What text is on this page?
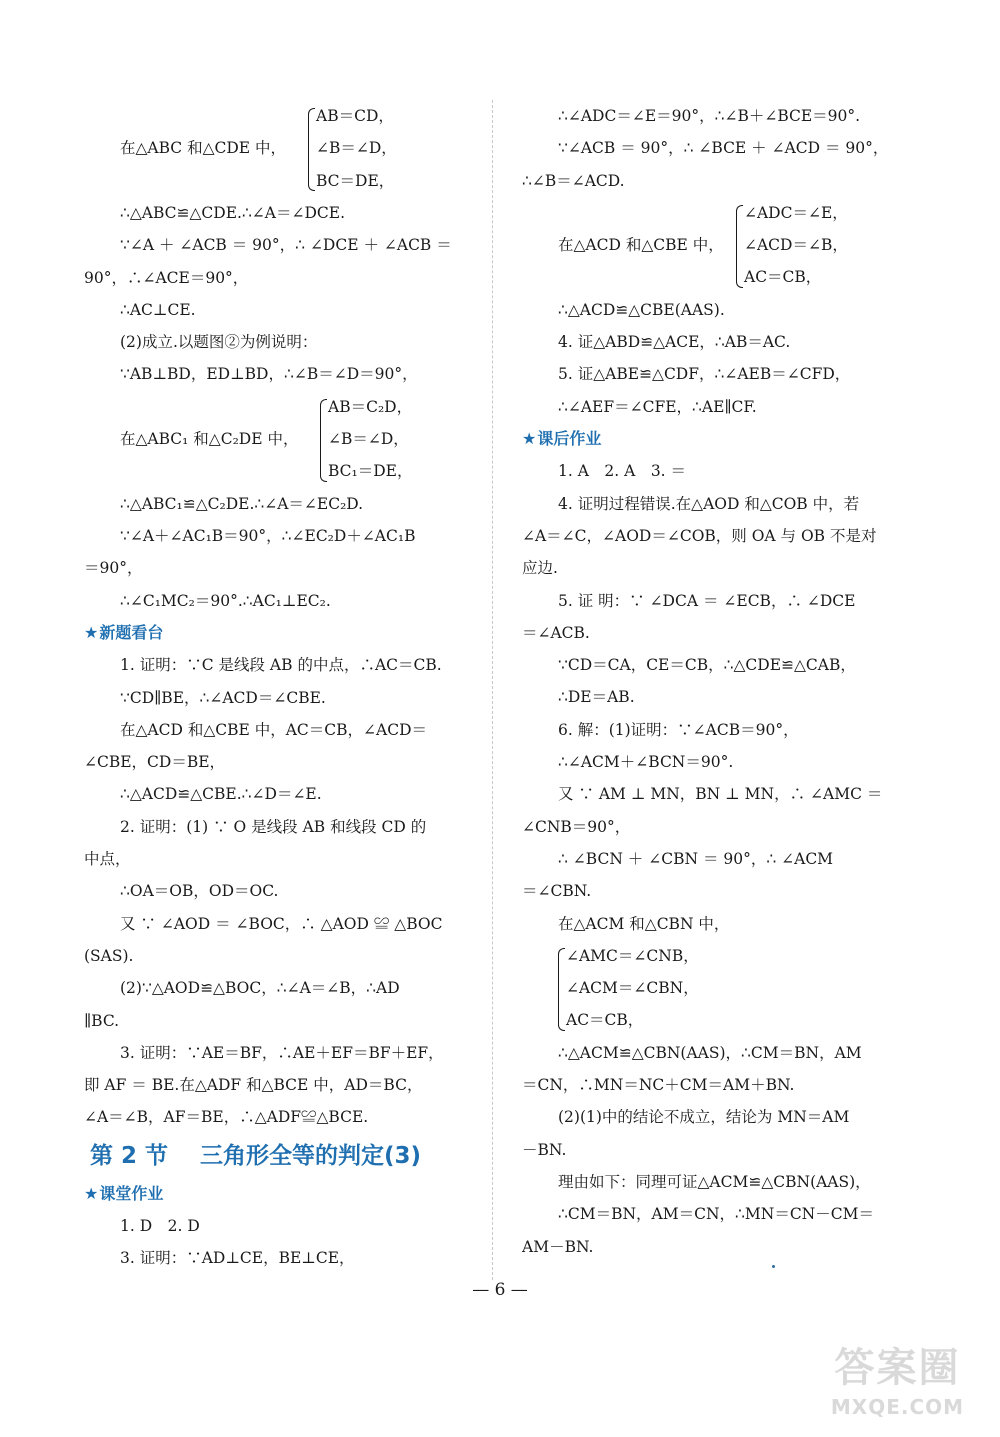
在△ABC 和△CDE 中，
AB＝CD，
∠B＝∠D，
BC＝DE，
∴△ABC≌△CDE.∴∠A＝∠DCE.
∵∠A ＋ ∠ACB ＝ 90°，∴ ∠DCE ＋ ∠ACB ＝
90°，∴∠ACE＝90°，
∴AC⊥CE.
(2)成立.以题图②为例说明：
∵AB⊥BD，ED⊥BD，∴∠B＝∠D＝90°，
在△ABC₁ 和△C₂DE 中，
AB＝C₂D，
∠B＝∠D，
BC₁＝DE，
∴△ABC₁≌△C₂DE.∴∠A＝∠EC₂D.
∵∠A＋∠AC₁B＝90°，∴∠EC₂D＋∠AC₁B
＝90°，
∴∠C₁MC₂＝90°.∴AC₁⊥EC₂.
★新题看台
1. 证明：∵C 是线段 AB 的中点，∴AC＝CB.
∵CD∥BE，∴∠ACD＝∠CBE.
在△ACD 和△CBE 中，AC＝CB，∠ACD＝
∠CBE，CD＝BE，
∴△ACD≌△CBE.∴∠D＝∠E.
2. 证明：(1) ∵ O 是线段 AB 和线段 CD 的
中点，
∴OA＝OB，OD＝OC.
又 ∵ ∠AOD ＝ ∠BOC，∴ △AOD ≌ △BOC
(SAS).
(2)∵△AOD≌△BOC，∴∠A＝∠B，∴AD
∥BC.
3. 证明：∵AE＝BF，∴AE＋EF＝BF＋EF，
即 AF ＝ BE.在△ADF 和△BCE 中，AD＝BC，
∠A＝∠B，AF＝BE，∴△ADF≌△BCE.
第 2 节 三角形全等的判定(3)
★课堂作业
1. D　2. D
3. 证明：∵AD⊥CE，BE⊥CE，
∴∠ADC＝∠E＝90°，∴∠B＋∠BCE＝90°.
∵∠ACB ＝ 90°，∴ ∠BCE ＋ ∠ACD ＝ 90°，
∴∠B＝∠ACD.
在△ACD 和△CBE 中，
∠ADC＝∠E，
∠ACD＝∠B，
AC＝CB，
∴△ACD≌△CBE(AAS).
4. 证△ABD≌△ACE，∴AB＝AC.
5. 证△ABE≌△CDF，∴∠AEB＝∠CFD，
∴∠AEF＝∠CFE，∴AE∥CF.
★课后作业
1. A　2. A　3. ＝
4. 证明过程错误.在△AOD 和△COB 中，若
∠A＝∠C，∠AOD＝∠COB，则 OA 与 OB 不是对
应边.
5. 证 明：∵ ∠DCA ＝ ∠ECB，∴ ∠DCE
＝∠ACB.
∵CD＝CA，CE＝CB，∴△CDE≌△CAB，
∴DE＝AB.
6. 解：(1)证明：∵∠ACB＝90°，
∴∠ACM＋∠BCN＝90°.
又 ∵ AM ⊥ MN，BN ⊥ MN，∴ ∠AMC ＝
∠CNB＝90°，
∴ ∠BCN ＋ ∠CBN ＝ 90°，∴ ∠ACM
＝∠CBN.
在△ACM 和△CBN 中，
∠AMC＝∠CNB，
∠ACM＝∠CBN，
AC＝CB，
∴△ACM≌△CBN(AAS)，∴CM＝BN，AM
＝CN，∴MN＝NC＋CM＝AM＋BN.
(2)(1)中的结论不成立，结论为 MN＝AM
－BN.
理由如下：同理可证△ACM≌△CBN(AAS)，
∴CM＝BN，AM＝CN，∴MN＝CN－CM＝
AM－BN.
— 6 —
答案圈
MXQE.COM
